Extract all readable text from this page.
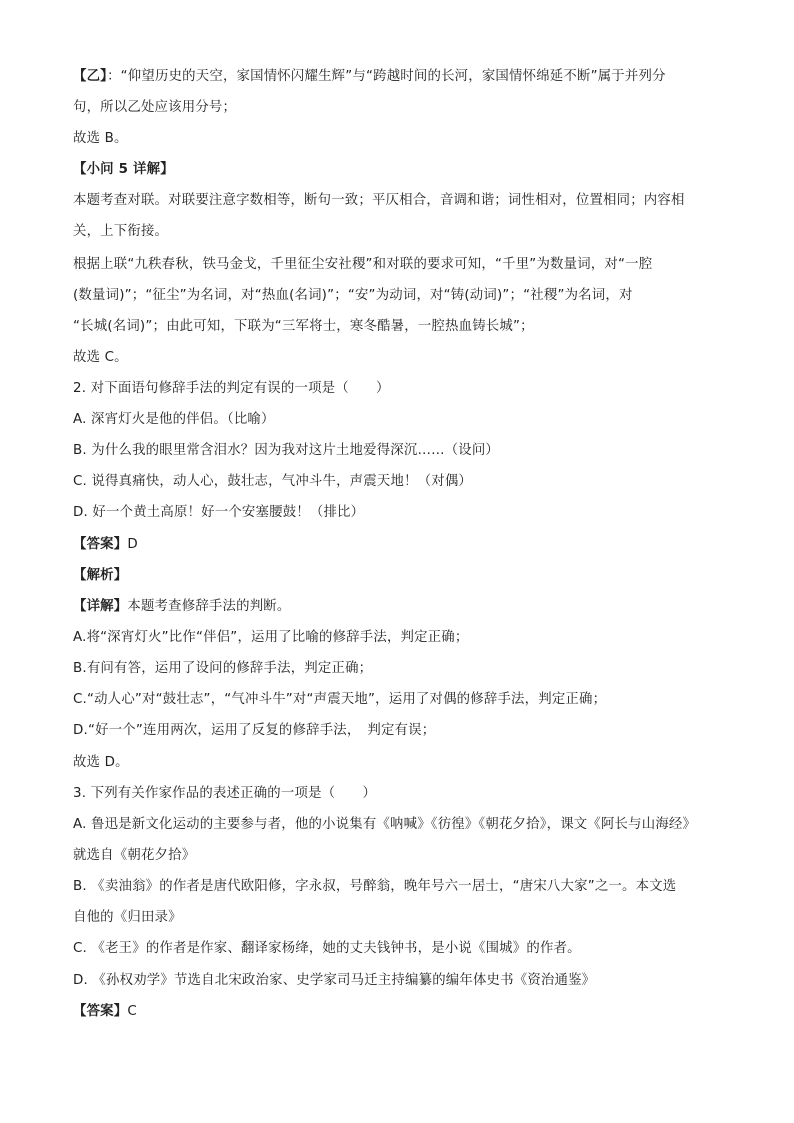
【乙】：“仰望历史的天空，家国情怀闪耀生辉”与“跨越时间的长河，家国情怀绵延不断”属于并列分
句，所以乙处应该用分号；
故选 B。
【小问 5 详解】
本题考查对联。对联要注意字数相等，断句一致；平仄相合，音调和谐；词性相对，位置相同；内容相
关，上下衔接。
根据上联“九秩春秋，铁马金戈，千里征尘安社稷”和对联的要求可知，“千里”为数量词，对“一腔
(数量词)”；“征尘”为名词，对“热血(名词)”；“安”为动词，对“铸(动词)”；“社稷”为名词，对
“长城(名词)”；由此可知，下联为“三军将士，寒冬酷暑，一腔热血铸长城”；
故选 C。
2. 对下面语句修辞手法的判定有误的一项是（　　）
A. 深宵灯火是他的伴侣。（比喻）
B. 为什么我的眼里常含泪水？因为我对这片土地爱得深沉……（设问）
C. 说得真痛快，动人心，鼓壮志，气冲斗牛，声震天地！（对偶）
D. 好一个黄土高原！好一个安塞腰鼓！（排比）
【答案】D
【解析】
【详解】本题考查修辞手法的判断。
A.将“深宵灯火”比作“伴侣”，运用了比喻的修辞手法，判定正确；
B.有问有答，运用了设问的修辞手法，判定正确；
C.“动人心”对“鼓壮志”，“气冲斗牛”对“声震天地”，运用了对偶的修辞手法，判定正确；
D.“好一个”连用两次，运用了反复的修辞手法，　判定有误；
故选 D。
3. 下列有关作家作品的表述正确的一项是（　　）
A. 鲁迅是新文化运动的主要参与者，他的小说集有《呐喊》《彷徨》《朝花夕拾》，课文《阿长与山海经》
就选自《朝花夕拾》
B. 《卖油翁》的作者是唐代欧阳修，字永叔，号醉翁，晚年号六一居士，“唐宋八大家”之一。本文选
自他的《归田录》
C. 《老王》的作者是作家、翻译家杨绛，她的丈夫钱钟书，是小说《围城》的作者。
D. 《孙权劝学》节选自北宋政治家、史学家司马迁主持编纂的编年体史书《资治通鉴》
【答案】C
